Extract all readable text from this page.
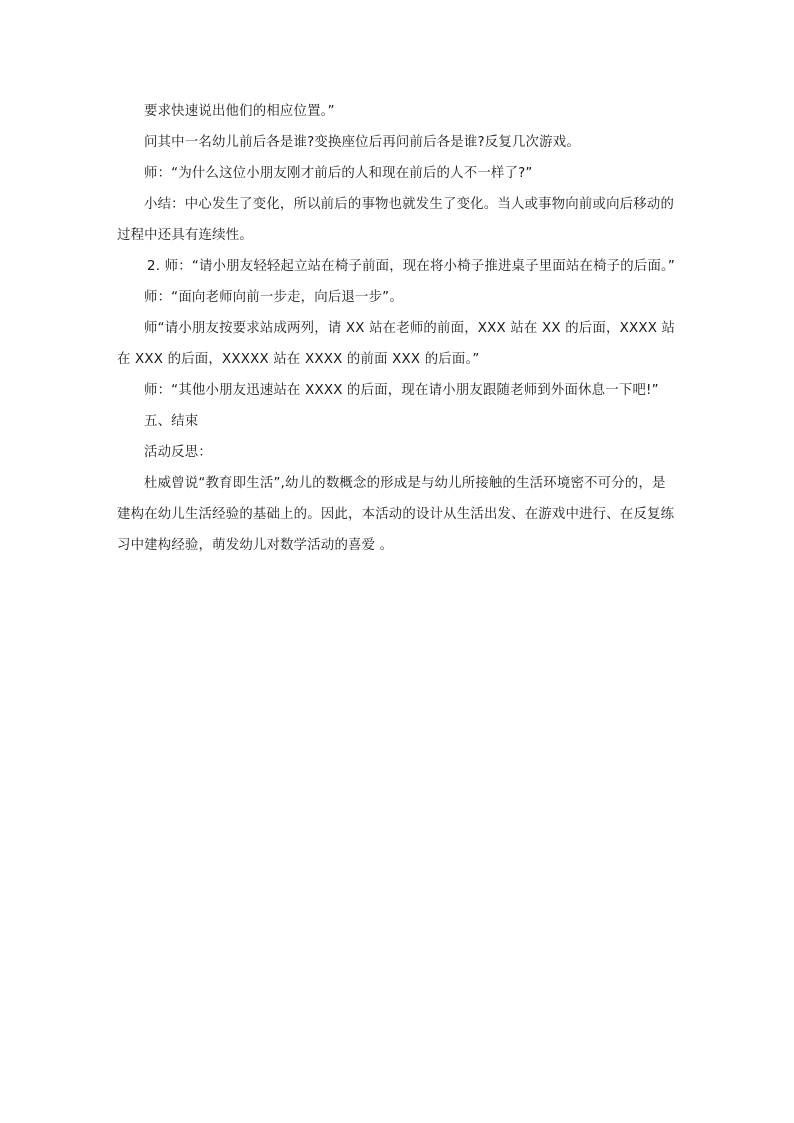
要求快速说出他们的相应位置。”

问其中一名幼儿前后各是谁?变换座位后再问前后各是谁?反复几次游戏。

师：“为什么这位小朋友刚才前后的人和现在前后的人不一样了?”

小结：中心发生了变化，所以前后的事物也就发生了变化。当人或事物向前或向后移动的过程中还具有连续性。

2. 师：“请小朋友轻轻起立站在椅子前面，现在将小椅子推进桌子里面站在椅子的后面。”

师：“面向老师向前一步走，向后退一步”。

师“请小朋友按要求站成两列，请 XX 站在老师的前面，XXX 站在 XX 的后面，XXXX 站在 XXX 的后面，XXXXX 站在 XXXX 的前面 XXX 的后面。”

师：“其他小朋友迅速站在 XXXX 的后面，现在请小朋友跟随老师到外面休息一下吧!”

五、结束

活动反思：

杜威曾说“教育即生活”,幼儿的数概念的形成是与幼儿所接触的生活环境密不可分的，是建构在幼儿生活经验的基础上的。因此，本活动的设计从生活出发、在游戏中进行、在反复练习中建构经验，萌发幼儿对数学活动的喜爱 。
